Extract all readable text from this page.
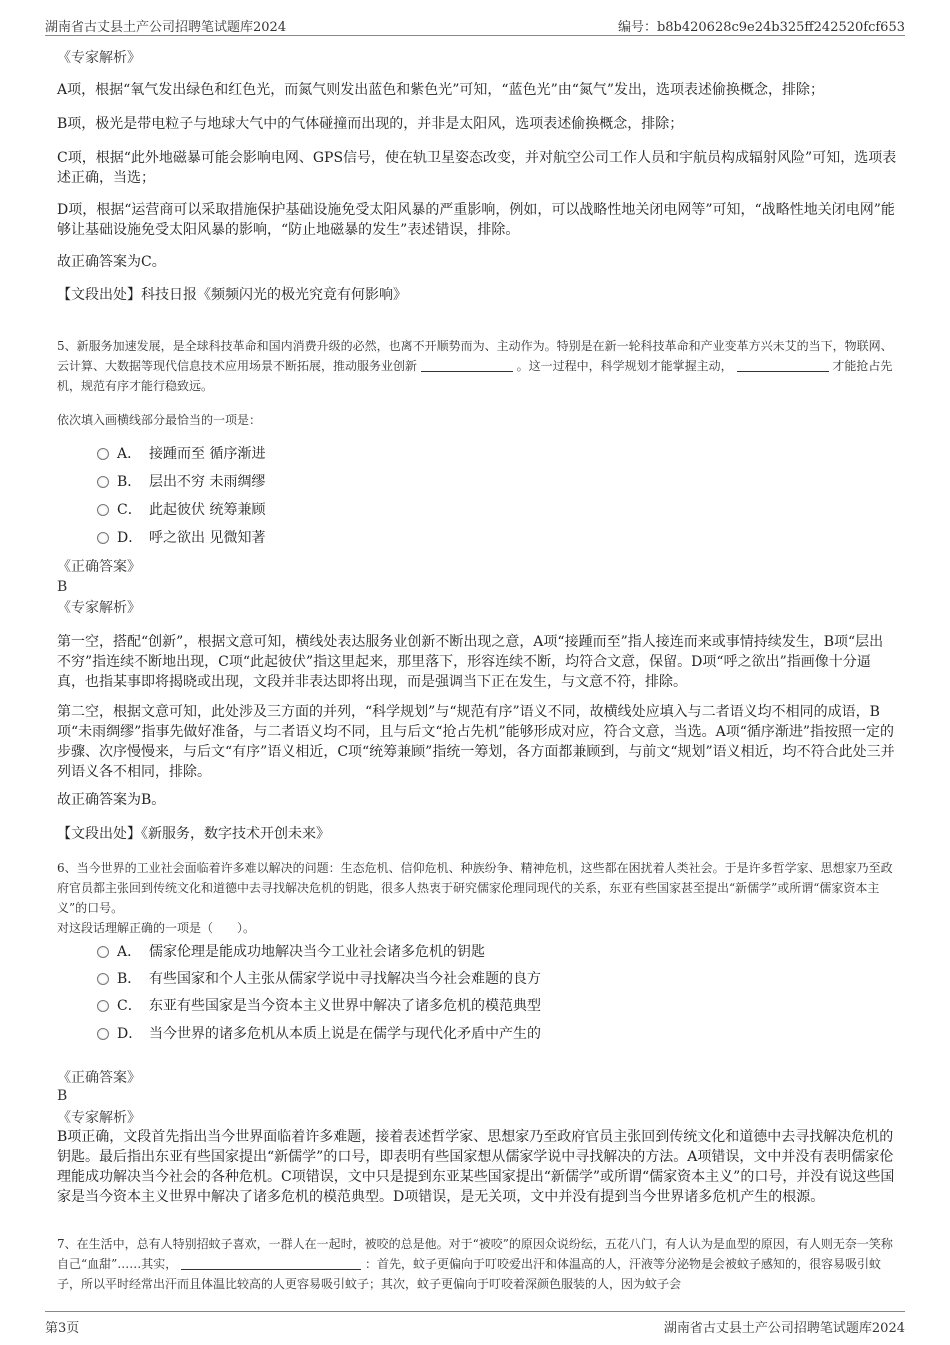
湖南省古丈县土产公司招聘笔试题库2024	编号：b8b420628c9e24b325ff242520fcf653
《专家解析》
A项，根据“氧气发出绿色和红色光，而氮气则发出蓝色和紫色光”可知，“蓝色光”由“氮气”发出，选项表述偷换概念，排除；
B项，极光是带电粒子与地球大气中的气体碰撞而出现的，并非是太阳风，选项表述偷换概念，排除；
C项，根据“此外地磁暴可能会影响电网、GPS信号，使在轨卫星姿态改变，并对航空公司工作人员和宇航员构成辐射风险”可知，选项表述正确，当选；
D项，根据“运营商可以采取措施保护基础设施免受太阳风暴的严重影响，例如，可以战略性地关闭电网等”可知，“战略性地关闭电网”能够让基础设施免受太阳风暴的影响，“防止地磁暴的发生”表述错误，排除。
故正确答案为C。
【文段出处】科技日报《频频闪光的极光究竟有何影响》
5、新服务加速发展，是全球科技革命和国内消费升级的必然，也离不开顺势而为、主动作为。特别是在新一轮科技革命和产业变革方兴未艾的当下，物联网、云计算、大数据等现代信息技术应用场景不断拓展，推动服务业创新	。这一过程中，科学规划才能掌握主动，	才能抢占先机，规范有序才能行稳致远。
依次填入画横线部分最恰当的一项是：
A． 接踵而至 循序渐进
B． 层出不穷 未雨绸缪
C． 此起彼伏 统筹兼顾
D． 呼之欲出 见微知著
《正确答案》
B
《专家解析》
第一空，搭配“创新”，根据文意可知，横线处表达服务业创新不断出现之意，A项“接踵而至”指人接连而来或事情持续发生，B项“层出不穷”指连续不断地出现，C项“此起彼伏”指这里起来，那里落下，形容连续不断，均符合文意，保留。D项“呼之欲出”指画像十分逼真，也指某事即将揭晓或出现，文段并非表达即将出现，而是强调当下正在发生，与文意不符，排除。
第二空，根据文意可知，此处涉及三方面的并列，“科学规划”与“规范有序”语义不同，故横线处应填入与二者语义均不相同的成语，B项“未雨绸缪”指事先做好准备，与二者语义均不同，且与后文“抢占先机”能够形成对应，符合文意，当选。A项“循序渐进”指按照一定的步骤、次序慢慢来，与后文“有序”语义相近，C项“统筹兼顾”指统一筹划，各方面都兼顾到，与前文“规划”语义相近，均不符合此处三并列语义各不相同，排除。
故正确答案为B。
【文段出处】《新服务，数字技术开创未来》
6、当今世界的工业社会面临着许多难以解决的问题：生态危机、信仰危机、种族纷争、精神危机，这些都在困扰着人类社会。于是许多哲学家、思想家乃至政府官员都主张回到传统文化和道德中去寻找解决危机的钥匙，很多人热衷于研究儒家伦理同现代的关系，东亚有些国家甚至提出“新儒学”或所谓“儒家资本主义”的口号。
对这段话理解正确的一项是（　　）。
A． 儒家伦理是能成功地解决当今工业社会诸多危机的钥匙
B． 有些国家和个人主张从儒家学说中寻找解决当今社会难题的良方
C． 东亚有些国家是当今资本主义世界中解决了诸多危机的模范典型
D． 当今世界的诸多危机从本质上说是在儒学与现代化矛盾中产生的
《正确答案》
B
《专家解析》
B项正确，文段首先指出当今世界面临着许多难题，接着表述哲学家、思想家乃至政府官员主张回到传统文化和道德中去寻找解决危机的钥匙。最后指出东亚有些国家提出“新儒学”的口号，即表明有些国家想从儒家学说中寻找解决的方法。A项错误，文中并没有表明儒家伦理能成功解决当今社会的各种危机。C项错误，文中只是提到东亚某些国家提出“新儒学”或所谓“儒家资本主义”的口号，并没有说这些国家是当今资本主义世界中解决了诸多危机的模范典型。D项错误，是无关项，文中并没有提到当今世界诸多危机产生的根源。
7、在生活中，总有人特别招蚊子喜欢，一群人在一起时，被咬的总是他。对于“被咬”的原因众说纷纭，五花八门，有人认为是血型的原因，有人则无奈一笑称自己“血甜”……其实，	：首先，蚊子更偏向于叮咬爱出汗和体温高的人，汗液等分泌物是会被蚊子感知的，很容易吸引蚊子，所以平时经常出汗而且体温比较高的人更容易吸引蚊子；其次，蚊子更偏向于叮咬着深颜色服装的人，因为蚊子会
第3页	湖南省古丈县土产公司招聘笔试题库2024
